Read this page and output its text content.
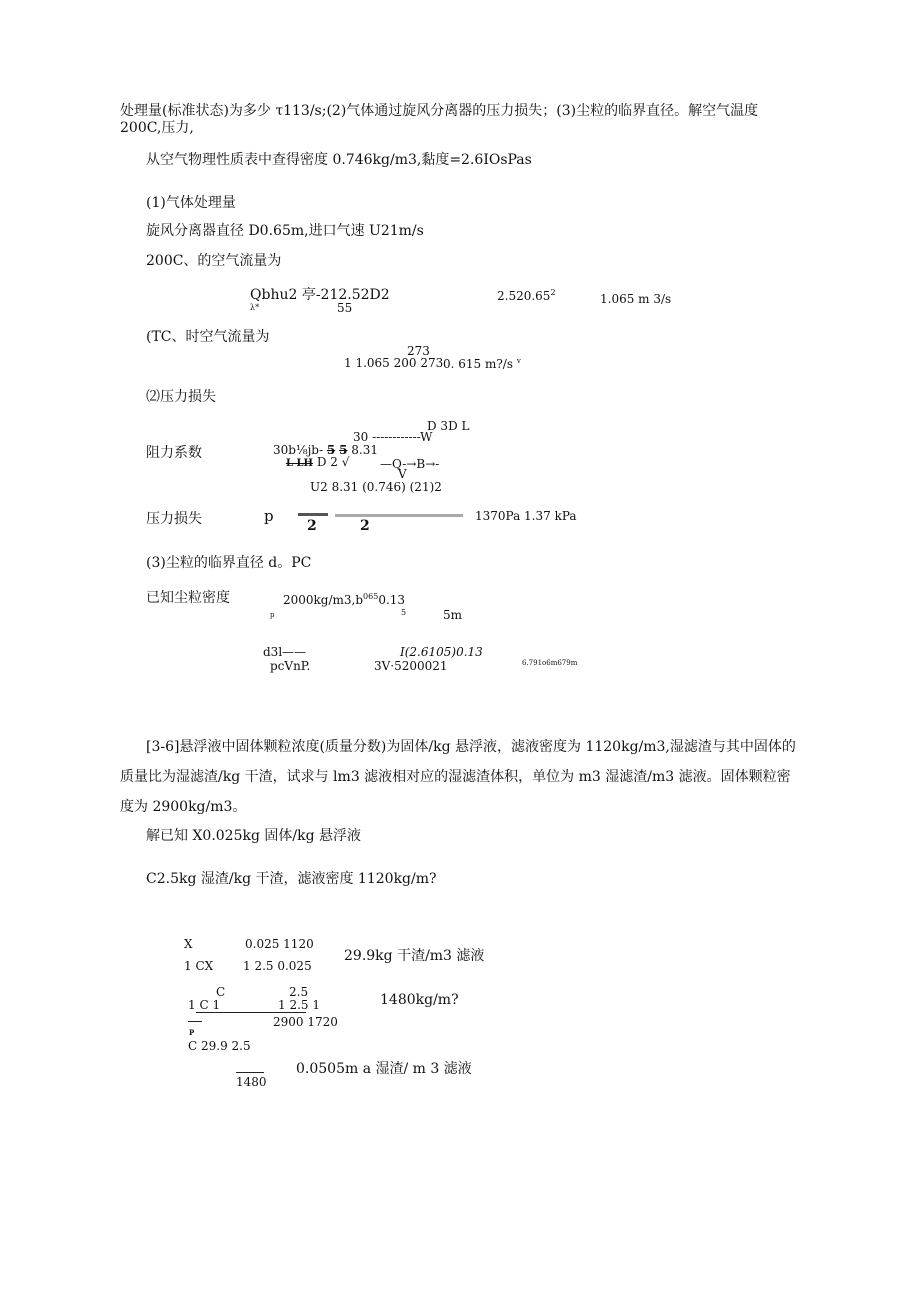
处理量(标准状态)为多少 τ113/s;(2)气体通过旋风分离器的压力损失；(3)尘粒的临界直径。解空气温度
200C,压力,
从空气物理性质表中查得密度 0.746kg/m3,黏度=2.6IOsPas
(1)气体处理量
旋风分离器直径 D0.65m,进口气速 U21m/s
200C、的空气流量为
Qbhu2 亭-212.52D2
λ*	55
2.520.65$^2$	1.065 m 3/s
(TC、时空气流量为
273
1 1.065 200 273 0. 615 m?/s $^v$
⑵压力损失
D 3D L
30 ------------W
阻力系数	30b⅛jb- 5 5 8.31
L LH D 2 √	—Q-→B→-
V
U2 8.31 (0.746) (21)2
压力损失	p
2	2
1370Pa 1.37 kPa
(3)尘粒的临界直径 d。PC
已知尘粒密度	$2000kg/m3,b^{065}0.13$
p	5	5m
d3l——
pcVnP.
I(2.6105)0.13
3V·5200021	6.791o6m679m
[3-6]悬浮液中固体颗粒浓度(质量分数)为固体/kg 悬浮液，滤液密度为 1120kg/m3,湿滤渣与其中固体的
质量比为湿滤渣/kg 干渣，试求与 lm3 滤液相对应的湿滤渣体积，单位为 m3 湿滤渣/m3 滤液。固体颗粒密
度为 2900kg/m3。
解已知 X0.025kg 固体/kg 悬浮液
C2.5kg 湿渣/kg 干渣，滤液密度 1120kg/m?
X	0.025 1120
1 CX 1 2.5 0.025
29.9kg 干渣/m3 滤液
C	2.5
1 C 1	1 2.5 1	1480kg/m?
2900 1720
P
C 29.9 2.5
1480
0.0505m a 湿渣/ m 3 滤液
